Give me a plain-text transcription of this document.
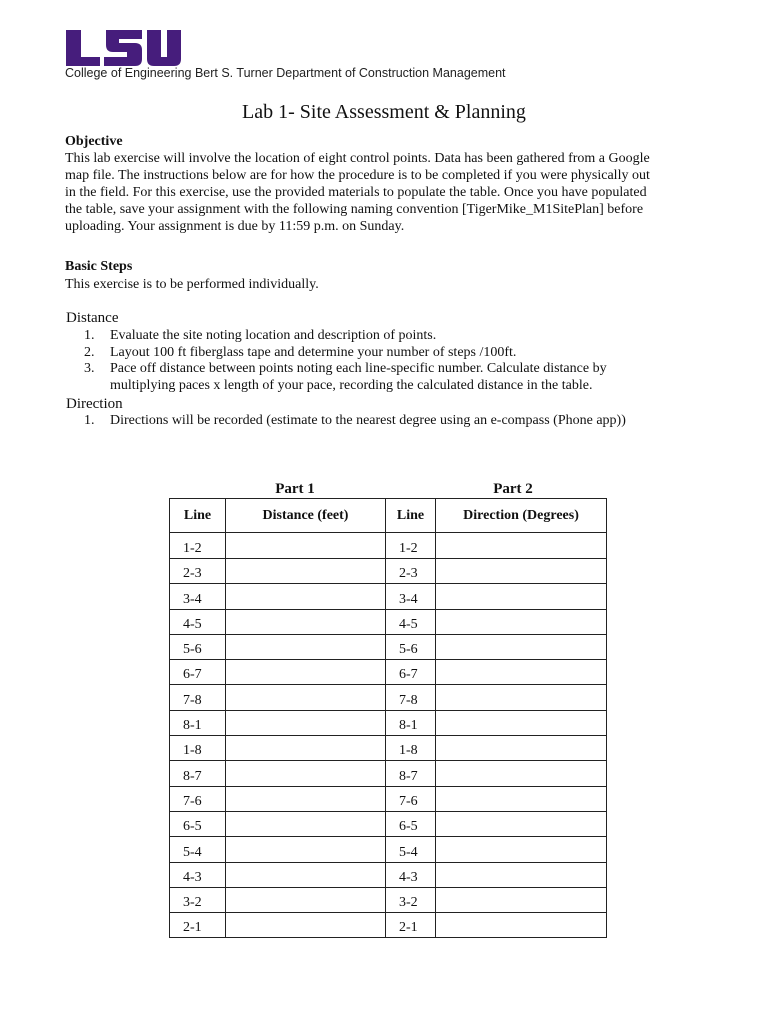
College of Engineering Bert S. Turner Department of Construction Management
Lab 1- Site Assessment & Planning
Objective
This lab exercise will involve the location of eight control points. Data has been gathered from a Google
map file. The instructions below are for how the procedure is to be completed if you were physically out
in the field. For this exercise, use the provided materials to populate the table. Once you have populated
the table, save your assignment with the following naming convention [TigerMike_M1SitePlan] before
uploading. Your assignment is due by 11:59 p.m. on Sunday.
Basic Steps
This exercise is to be performed individually.
Distance
1. Evaluate the site noting location and description of points.
2. Layout 100 ft fiberglass tape and determine your number of steps /100ft.
3. Pace off distance between points noting each line-specific number. Calculate distance by
multiplying paces x length of your pace, recording the calculated distance in the table.
Direction
1. Directions will be recorded (estimate to the nearest degree using an e-compass (Phone app))
Part 1	Part 2
Line	Distance (feet)	Line	Direction (Degrees)
1-2		1-2	
2-3		2-3	
3-4		3-4	
4-5		4-5	
5-6		5-6	
6-7		6-7	
7-8		7-8	
8-1		8-1	
1-8		1-8	
8-7		8-7	
7-6		7-6	
6-5		6-5	
5-4		5-4	
4-3		4-3	
3-2		3-2	
2-1		2-1	
